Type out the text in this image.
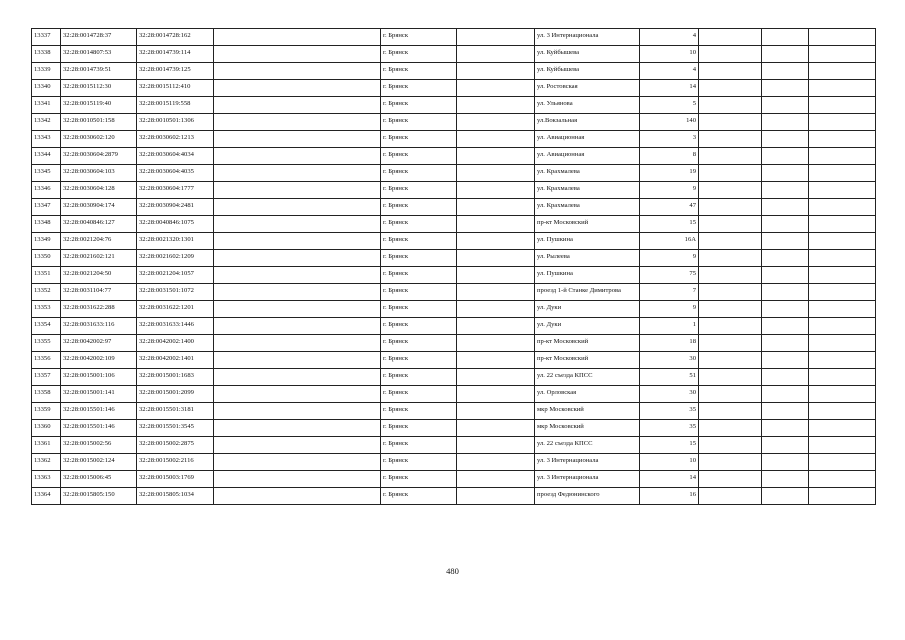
13337	32:28:0014728:37	32:28:0014728:162		г. Брянск		ул. 3 Интернационала	4			
13338	32:28:0014807:53	32:28:0014739:114		г. Брянск		ул. Куйбышева	10			
13339	32:28:0014739:51	32:28:0014739:125		г. Брянск		ул. Куйбышева	4			
13340	32:28:0015112:30	32:28:0015112:410		г. Брянск		ул. Ростовская	14			
13341	32:28:0015119:40	32:28:0015119:558		г. Брянск		ул. Ульянова	5			
13342	32:28:0010501:158	32:28:0010501:1306		г. Брянск		ул.Вокзальная	140			
13343	32:28:0030602:120	32:28:0030602:1213		г. Брянск		ул. Авиационная	3			
13344	32:28:0030604:2879	32:28:0030604:4034		г. Брянск		ул. Авиационная	8			
13345	32:28:0030604:103	32:28:0030604:4035		г. Брянск		ул. Крахмалева	19			
13346	32:28:0030604:128	32:28:0030604:1777		г. Брянск		ул. Крахмалева	9			
13347	32:28:0030904:174	32:28:0030904:2481		г. Брянск		ул. Крахмалева	47			
13348	32:28:0040846:127	32:28:0040846:1075		г. Брянск		пр-кт Московский	15			
13349	32:28:0021204:76	32:28:0021320:1301		г. Брянск		ул. Пушкина	16А			
13350	32:28:0021602:121	32:28:0021602:1209		г. Брянск		ул. Рылеева	9			
13351	32:28:0021204:50	32:28:0021204:1057		г. Брянск		ул. Пушкина	75			
13352	32:28:0031104:77	32:28:0031501:1072		г. Брянск		проезд 1-й Станке Димитрова	7			
13353	32:28:0031622:288	32:28:0031622:1201		г. Брянск		ул. Дуки	9			
13354	32:28:0031633:116	32:28:0031633:1446		г. Брянск		ул. Дуки	1			
13355	32:28:0042002:97	32:28:0042002:1400		г. Брянск		пр-кт Московский	18			
13356	32:28:0042002:109	32:28:0042002:1401		г. Брянск		пр-кт Московский	30			
13357	32:28:0015001:106	32:28:0015001:1683		г. Брянск		ул. 22 съезда КПСС	51			
13358	32:28:0015001:141	32:28:0015001:2099		г. Брянск		ул. Орловская	30			
13359	32:28:0015501:146	32:28:0015501:3181		г. Брянск		мкр Московский	35			
13360	32:28:0015501:146	32:28:0015501:3545		г. Брянск		мкр Московский	35			
13361	32:28:0015002:56	32:28:0015002:2875		г. Брянск		ул. 22 съезда КПСС	15			
13362	32:28:0015002:124	32:28:0015002:2116		г. Брянск		ул. 3 Интернационала	10			
13363	32:28:0015006:45	32:28:0015003:1769		г. Брянск		ул. 3 Интернационала	14			
13364	32:28:0015805:150	32:28:0015805:1034		г. Брянск		проезд Федюнинского	16			
480
